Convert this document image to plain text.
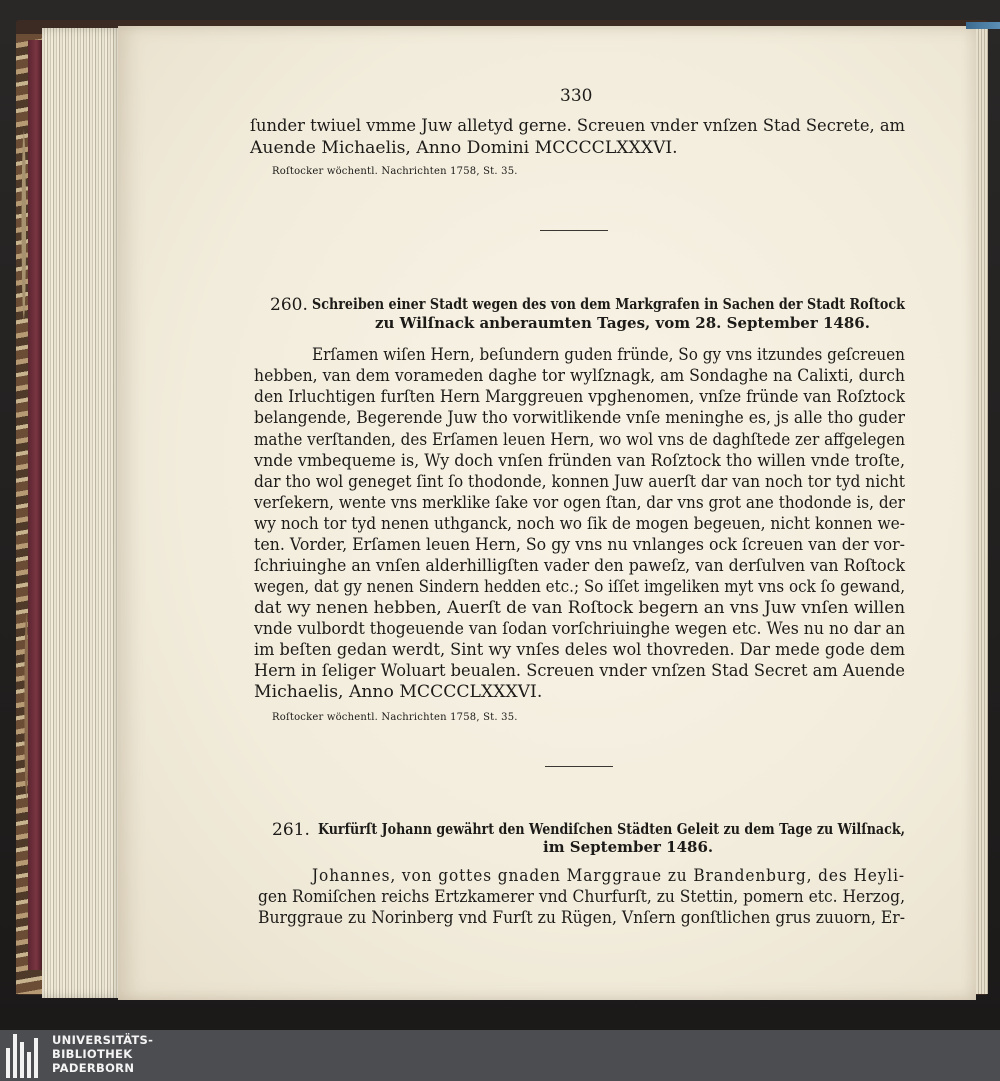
330
ſunder twiuel vmme Juw alletyd gerne. Screuen vnder vnſzen Stad Secrete, am
Auende Michaelis, Anno Domini MCCCCLXXXVI.
Roſtocker wöchentl. Nachrichten 1758, St. 35.
260. Schreiben einer Stadt wegen des von dem Markgrafen in Sachen der Stadt Roſtock
zu Wilſnack anberaumten Tages, vom 28. September 1486.
Erſamen wiſen Hern, beſundern guden fründe, So gy vns itzundes geſcreuen
hebben, van dem vorameden daghe tor wylſznagk, am Sondaghe na Calixti, durch
den Irluchtigen furſten Hern Marggreuen vpghenomen, vnſze fründe van Roſztock
belangende, Begerende Juw tho vorwitlikende vnſe meninghe es, js alle tho guder
mathe verſtanden, des Erſamen leuen Hern, wo wol vns de daghſtede zer affgelegen
vnde vmbequeme is, Wy doch vnſen fründen van Roſztock tho willen vnde troſte,
dar tho wol geneget ſint ſo thodonde, konnen Juw auerſt dar van noch tor tyd nicht
verſekern, wente vns merklike ſake vor ogen ſtan, dar vns grot ane thodonde is, der
wy noch tor tyd nenen uthganck, noch wo ſik de mogen begeuen, nicht konnen we-
ten. Vorder, Erſamen leuen Hern, So gy vns nu vnlanges ock ſcreuen van der vor-
ſchriuinghe an vnſen alderhilligſten vader den paweſz, van derſulven van Roſtock
wegen, dat gy nenen Sindern hedden etc.; So iſſet imgeliken myt vns ock ſo gewand,
dat wy nenen hebben, Auerſt de van Roſtock begern an vns Juw vnſen willen
vnde vulbordt thogeuende van ſodan vorſchriuinghe wegen etc. Wes nu no dar an
im beſten gedan werdt, Sint wy vnſes deles wol thovreden. Dar mede gode dem
Hern in ſeliger Woluart beualen. Screuen vnder vnſzen Stad Secret am Auende
Michaelis, Anno MCCCCLXXXVI.
Roſtocker wöchentl. Nachrichten 1758, St. 35.
261. Kurfürſt Johann gewährt den Wendiſchen Städten Geleit zu dem Tage zu Wilſnack,
im September 1486.
Johannes, von gottes gnaden Marggraue zu Brandenburg, des Heyli-
gen Romiſchen reichs Ertzkamerer vnd Churfurſt, zu Stettin, pomern etc. Herzog,
Burggraue zu Norinberg vnd Furſt zu Rügen, Vnſern gonſtlichen grus zuuorn, Er-
UNIVERSITÄTS-
BIBLIOTHEK
PADERBORN
